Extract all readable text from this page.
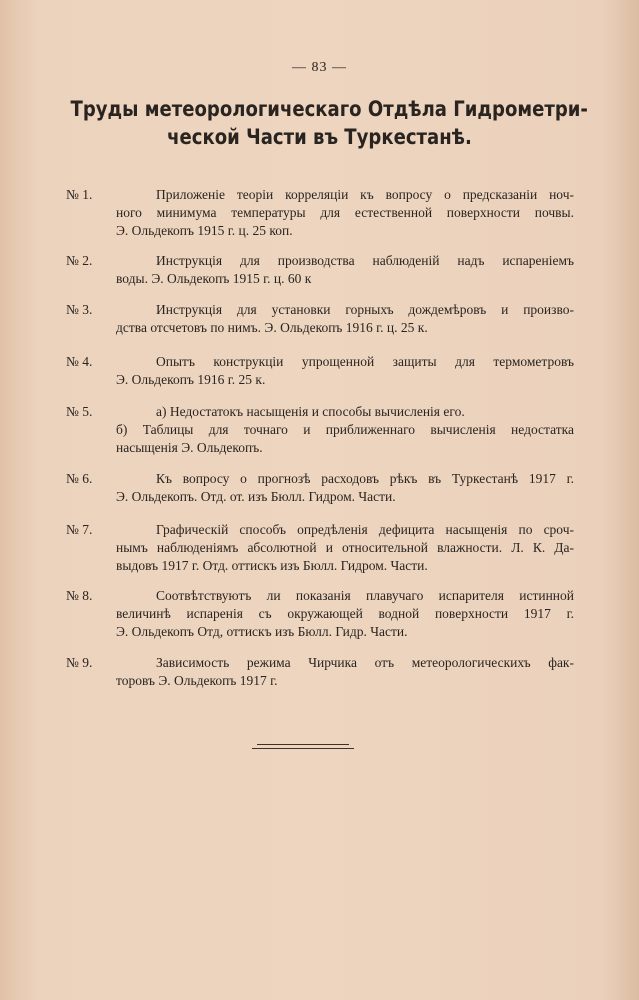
— 83 —
Труды метеорологическаго Отдѣла Гидрометри-
ческой Части въ Туркестанѣ.
№ 1.	Приложеніе теоріи корреляціи къ вопросу о предсказаніи ноч-
ного минимума температуры для естественной поверхности почвы.
Э. Ольдекопъ 1915 г. ц. 25 коп.
№ 2.	Инструкція для производства наблюденій надъ испареніемъ
воды. Э. Ольдекопъ 1915 г. ц. 60 к
№ 3.	Инструкція для установки горныхъ дождемѣровъ и произво-
дства отсчетовъ по нимъ. Э. Ольдекопъ 1916 г. ц. 25 к.
№ 4.	Опытъ конструкціи упрощенной защиты для термометровъ
Э. Ольдекопъ 1916 г. 25 к.
№ 5.	а) Недостатокъ насыщенія и способы вычисленія его.
б) Таблицы для точнаго и приближеннаго вычисленія недостатка
насыщенія Э. Ольдекопъ.
№ 6.	Къ вопросу о прогнозѣ расходовъ рѣкъ въ Туркестанѣ 1917 г.
Э. Ольдекопъ. Отд. от. изъ Бюлл. Гидром. Части.
№ 7.	Графическій способъ опредѣленія дефицита насыщенія по сроч-
нымъ наблюденіямъ абсолютной и относительной влажности. Л. К. Да-
выдовъ 1917 г. Отд. оттискъ изъ Бюлл. Гидром. Части.
№ 8.	Соотвѣтствуютъ ли показанія плавучаго испарителя истинной
величинѣ испаренія съ окружающей водной поверхности 1917 г.
Э. Ольдекопъ Отд, оттискъ изъ Бюлл. Гидр. Части.
№ 9.	Зависимость режима Чирчика отъ метеорологическихъ фак-
торовъ Э. Ольдекопъ 1917 г.
